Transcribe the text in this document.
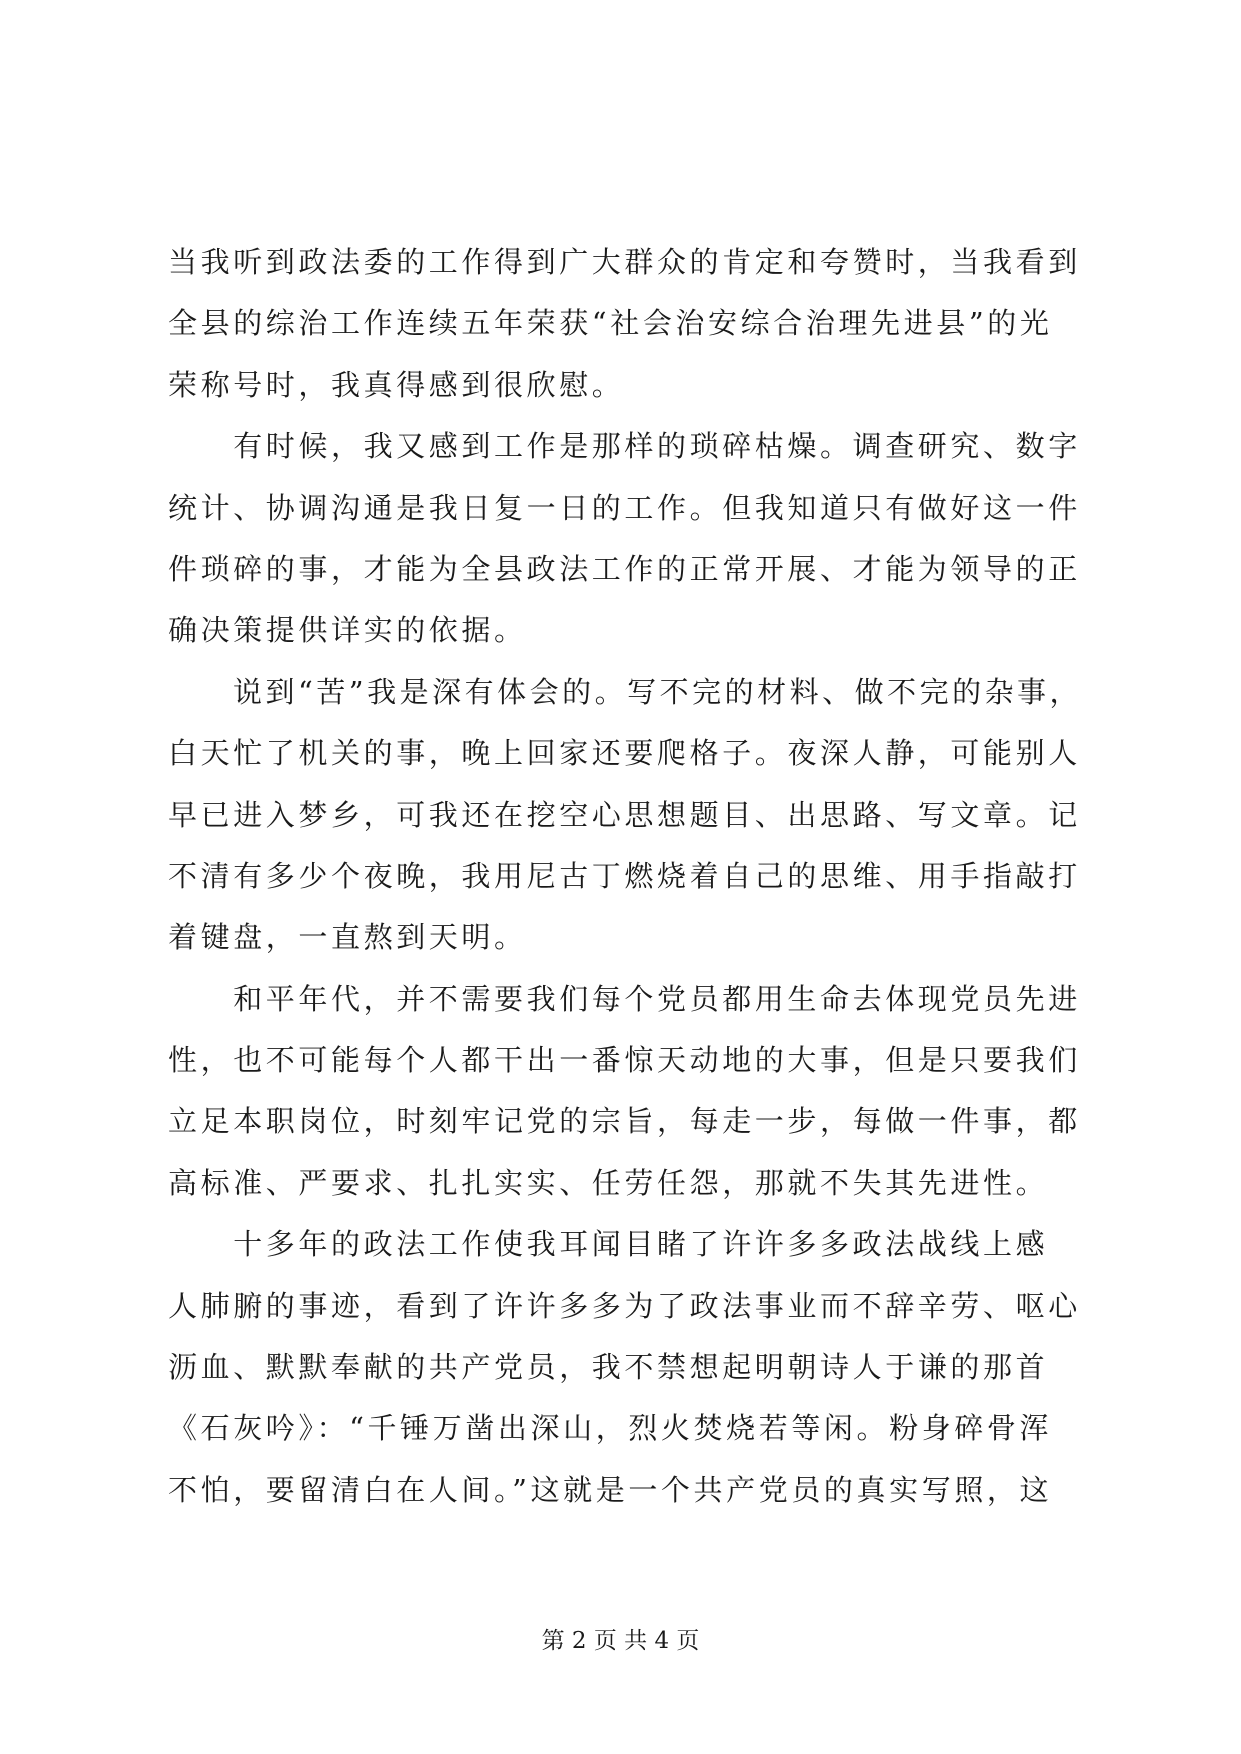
当我听到政法委的工作得到广大群众的肯定和夸赞时，当我看到
全县的综治工作连续五年荣获“社会治安综合治理先进县”的光
荣称号时，我真得感到很欣慰。
　　有时候，我又感到工作是那样的琐碎枯燥。调查研究、数字
统计、协调沟通是我日复一日的工作。但我知道只有做好这一件
件琐碎的事，才能为全县政法工作的正常开展、才能为领导的正
确决策提供详实的依据。
　　说到“苦”我是深有体会的。写不完的材料、做不完的杂事，
白天忙了机关的事，晚上回家还要爬格子。夜深人静，可能别人
早已进入梦乡，可我还在挖空心思想题目、出思路、写文章。记
不清有多少个夜晚，我用尼古丁燃烧着自己的思维、用手指敲打
着键盘，一直熬到天明。
　　和平年代，并不需要我们每个党员都用生命去体现党员先进
性，也不可能每个人都干出一番惊天动地的大事，但是只要我们
立足本职岗位，时刻牢记党的宗旨，每走一步，每做一件事，都
高标准、严要求、扎扎实实、任劳任怨，那就不失其先进性。
　　十多年的政法工作使我耳闻目睹了许许多多政法战线上感
人肺腑的事迹，看到了许许多多为了政法事业而不辞辛劳、呕心
沥血、默默奉献的共产党员，我不禁想起明朝诗人于谦的那首
《石灰吟》：“千锤万凿出深山，烈火焚烧若等闲。粉身碎骨浑
不怕，要留清白在人间。”这就是一个共产党员的真实写照，这
第 2 页 共 4 页
